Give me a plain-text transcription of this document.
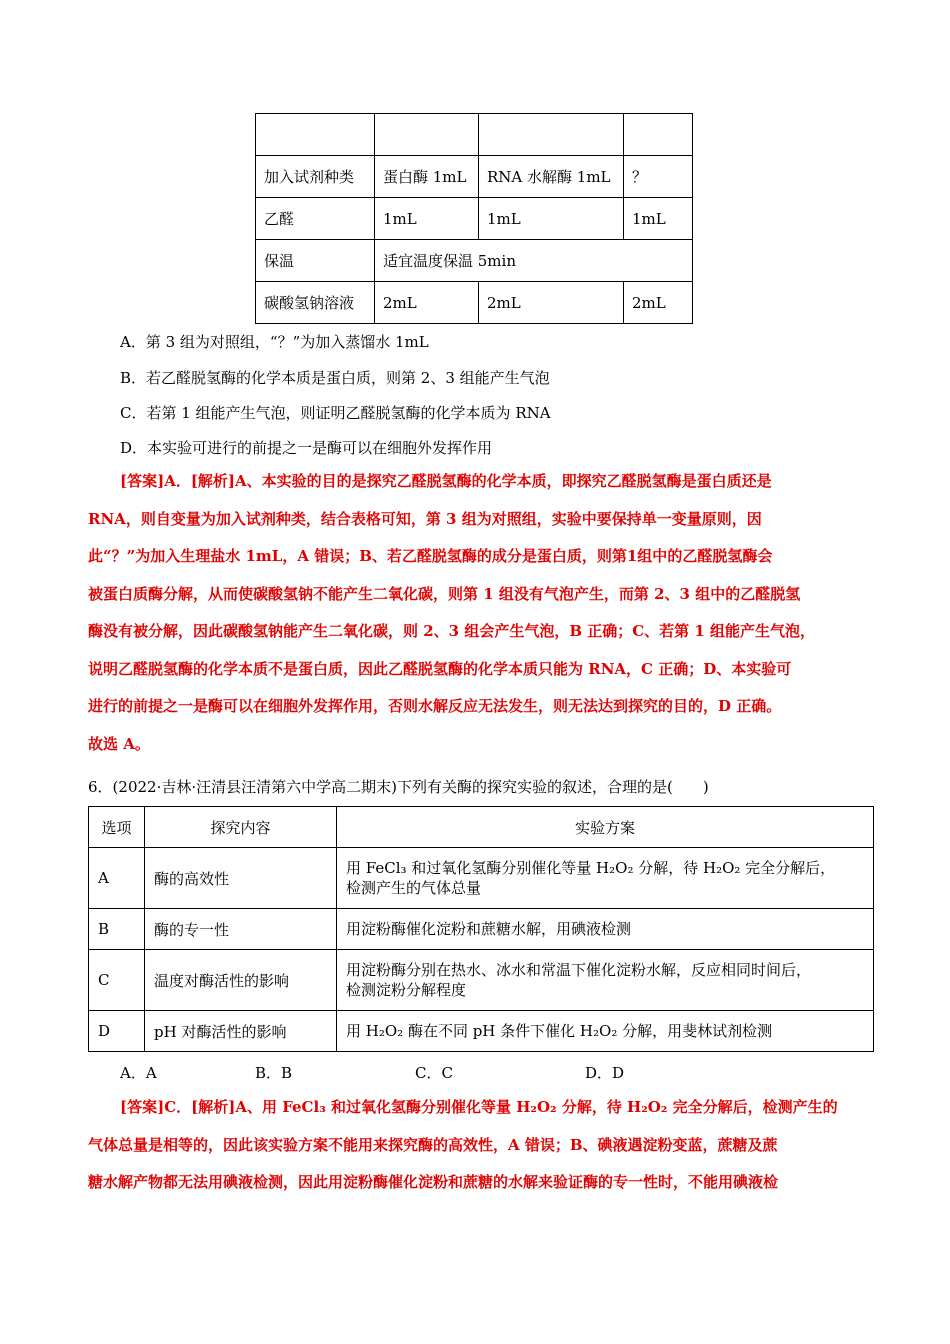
加入试剂种类	蛋白酶 1mL	RNA 水解酶 1mL	？
乙醛	1mL	1mL	1mL
保温	适宜温度保温 5min		
碳酸氢钠溶液	2mL	2mL	2mL
A．第 3 组为对照组，“？”为加入蒸馏水 1mL
B．若乙醛脱氢酶的化学本质是蛋白质，则第 2、3 组能产生气泡
C．若第 1 组能产生气泡，则证明乙醛脱氢酶的化学本质为 RNA
D．本实验可进行的前提之一是酶可以在细胞外发挥作用
[答案]A．[解析]A、本实验的目的是探究乙醛脱氢酶的化学本质，即探究乙醛脱氢酶是蛋白质还是
RNA，则自变量为加入试剂种类，结合表格可知，第 3 组为对照组，实验中要保持单一变量原则，因
此“？”为加入生理盐水 1mL，A 错误；B、若乙醛脱氢酶的成分是蛋白质，则第1组中的乙醛脱氢酶会
被蛋白质酶分解，从而使碳酸氢钠不能产生二氧化碳，则第 1 组没有气泡产生，而第 2、3 组中的乙醛脱氢
酶没有被分解，因此碳酸氢钠能产生二氧化碳，则 2、3 组会产生气泡，B 正确；C、若第 1 组能产生气泡，
说明乙醛脱氢酶的化学本质不是蛋白质，因此乙醛脱氢酶的化学本质只能为 RNA，C 正确；D、本实验可
进行的前提之一是酶可以在细胞外发挥作用，否则水解反应无法发生，则无法达到探究的目的，D 正确。
故选 A。
6．(2022·吉林·汪清县汪清第六中学高二期末)下列有关酶的探究实验的叙述，合理的是(　　)
选项	探究内容	实验方案
A	酶的高效性	用 FeCl₃ 和过氧化氢酶分别催化等量 H₂O₂ 分解，待 H₂O₂ 完全分解后，
检测产生的气体总量

B	酶的专一性	用淀粉酶催化淀粉和蔗糖水解，用碘液检测

C	温度对酶活性的影响	用淀粉酶分别在热水、冰水和常温下催化淀粉水解，反应相同时间后，
检测淀粉分解程度

D	pH 对酶活性的影响	用 H₂O₂ 酶在不同 pH 条件下催化 H₂O₂ 分解，用斐林试剂检测
A．A	B．B	C．C	D．D
[答案]C．[解析]A、用 FeCl₃ 和过氧化氢酶分别催化等量 H₂O₂ 分解，待 H₂O₂ 完全分解后，检测产生的
气体总量是相等的，因此该实验方案不能用来探究酶的高效性，A 错误；B、碘液遇淀粉变蓝，蔗糖及蔗
糖水解产物都无法用碘液检测，因此用淀粉酶催化淀粉和蔗糖的水解来验证酶的专一性时，不能用碘液检
